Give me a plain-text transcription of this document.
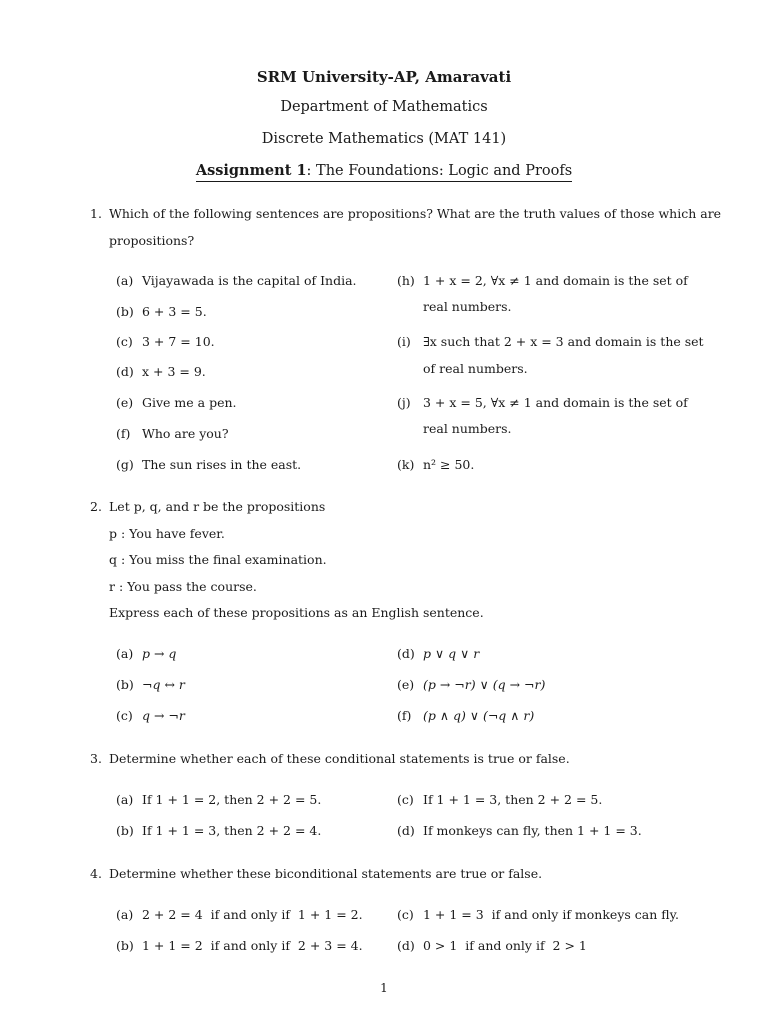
SRM University-AP, Amaravati
Department of Mathematics
Discrete Mathematics (MAT 141)
Assignment 1: The Foundations: Logic and Proofs
1. Which of the following sentences are propositions? What are the truth values of those which are
propositions?
(a) Vijayawada is the capital of India.
(b) 6 + 3 = 5.
(c) 3 + 7 = 10.
(d) x + 3 = 9.
(e) Give me a pen.
(f) Who are you?
(g) The sun rises in the east.
(h) 1 + x = 2, ∀x ≠ 1 and domain is the set of
real numbers.
(i) ∃x such that 2 + x = 3 and domain is the set
of real numbers.
(j) 3 + x = 5, ∀x ≠ 1 and domain is the set of
real numbers.
(k) n² ≥ 50.
2. Let p, q, and r be the propositions
p : You have fever.
q : You miss the final examination.
r : You pass the course.
Express each of these propositions as an English sentence.
(a) p → q
(b) ¬q ↔ r
(c) q → ¬r
(d) p ∨ q ∨ r
(e) (p → ¬r) ∨ (q → ¬r)
(f) (p ∧ q) ∨ (¬q ∧ r)
3. Determine whether each of these conditional statements is true or false.
(a) If 1 + 1 = 2, then 2 + 2 = 5.
(b) If 1 + 1 = 3, then 2 + 2 = 4.
(c) If 1 + 1 = 3, then 2 + 2 = 5.
(d) If monkeys can fly, then 1 + 1 = 3.
4. Determine whether these biconditional statements are true or false.
(a) 2 + 2 = 4  if and only if  1 + 1 = 2.
(b) 1 + 1 = 2  if and only if  2 + 3 = 4.
(c) 1 + 1 = 3  if and only if monkeys can fly.
(d) 0 > 1  if and only if  2 > 1
1
